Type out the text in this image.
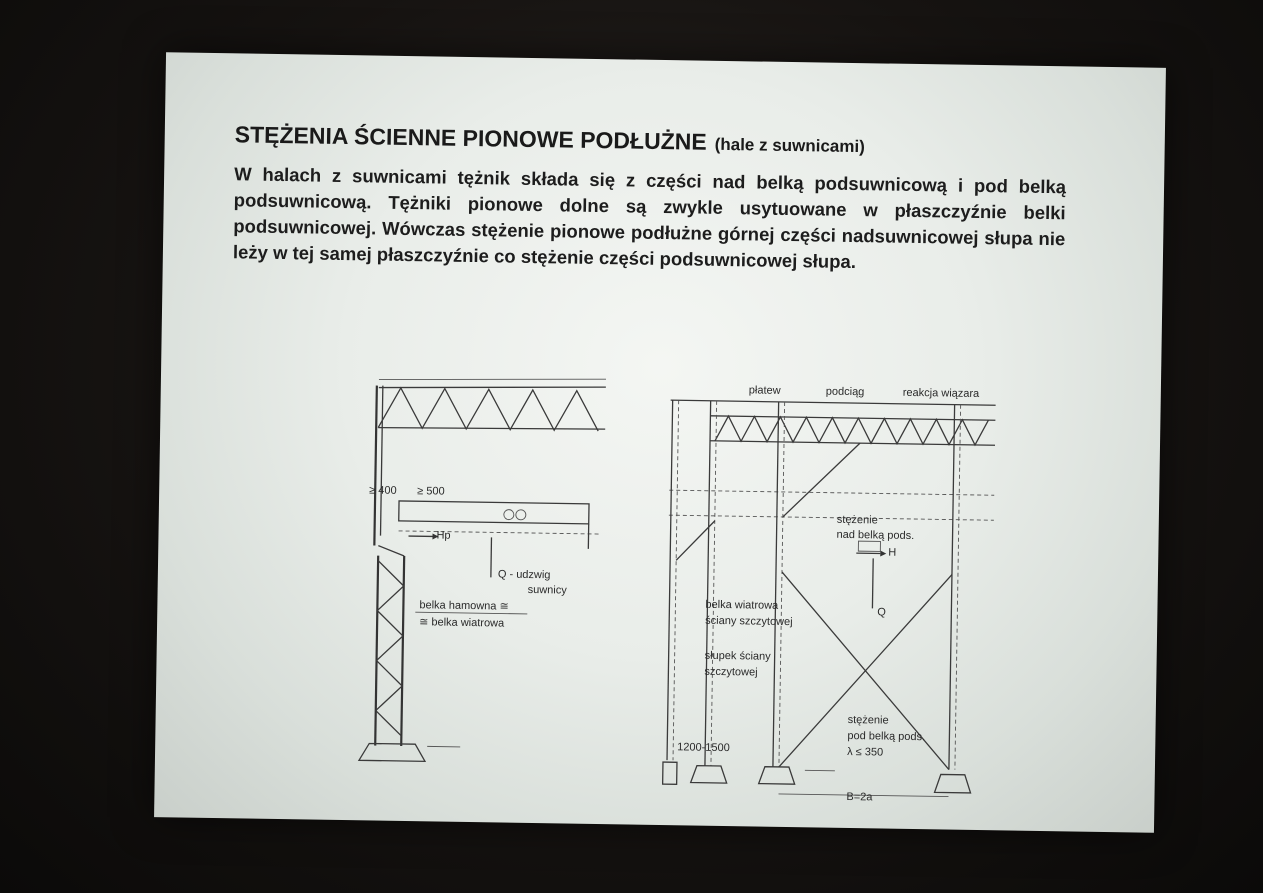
STĘŻENIA ŚCIENNE PIONOWE PODŁUŻNE (hale z suwnicami)
W halach z suwnicami tężnik składa się z części nad belką podsuwnicową i pod belką podsuwnicową. Tężniki pionowe dolne są zwykle usytuowane w płaszczyźnie belki podsuwnicowej. Wówczas stężenie pionowe podłużne górnej części nadsuwnicowej słupa nie leży w tej samej płaszczyźnie co stężenie części podsuwnicowej słupa.
≥ 400 ≥ 500
Hp
Q - udzwig
suwnicy
belka hamowna ≅
≅ belka wiatrowa
płatew	podciąg	reakcja wiązara
stężenie
nad belką pods.
H
Q
belka wiatrowa
ściany szczytowej
słupek ściany
szczytowej
stężenie
pod belką pods.
λ ≤ 350
1200-1500
B=2a
